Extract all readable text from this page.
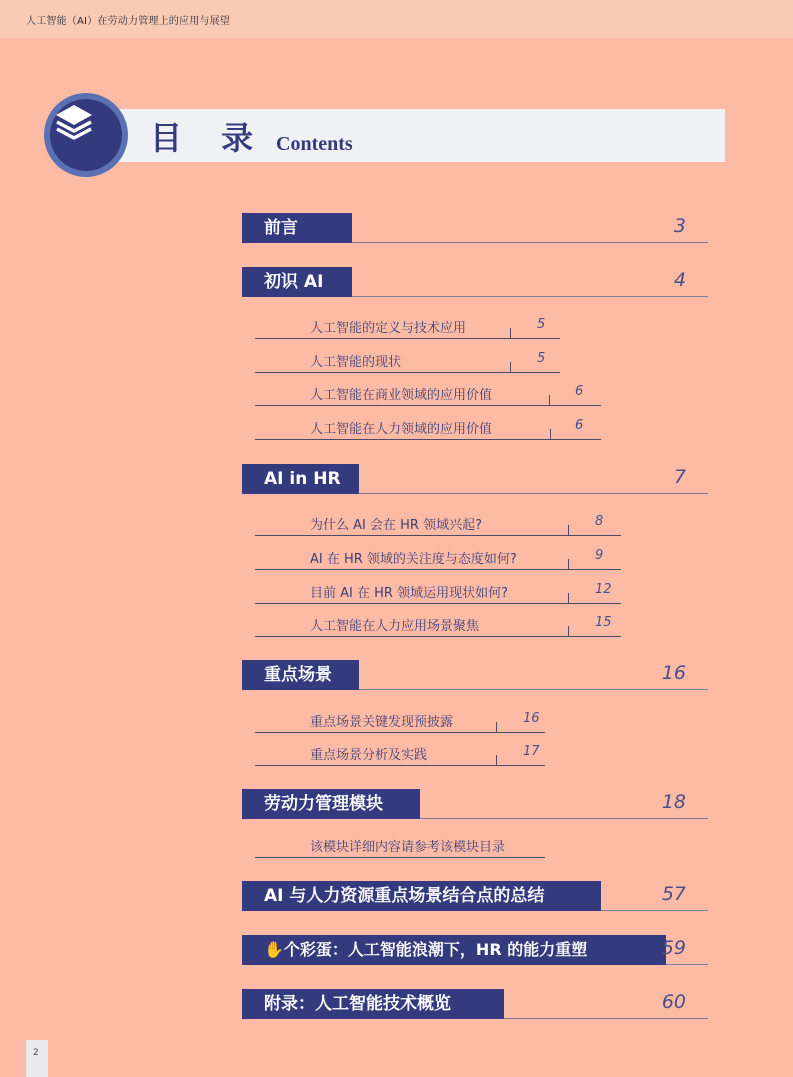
人工智能（AI）在劳动力管理上的应用与展望
目 录 Contents
前言	3
初识 AI	4
人工智能的定义与技术应用	5
人工智能的现状	5
人工智能在商业领域的应用价值	6
人工智能在人力领域的应用价值	6
AI in HR	7
为什么 AI 会在 HR 领域兴起?	8
AI 在 HR 领域的关注度与态度如何?	9
目前 AI 在 HR 领域运用现状如何?	12
人工智能在人力应用场景聚焦	15
重点场景	16
重点场景关键发现预披露	16
重点场景分析及实践	17
劳动力管理模块	18
该模块详细内容请参考该模块目录
AI 与人力资源重点场景结合点的总结	57
✋个彩蛋：人工智能浪潮下，HR 的能力重塑	59
附录：人工智能技术概览	60
2
